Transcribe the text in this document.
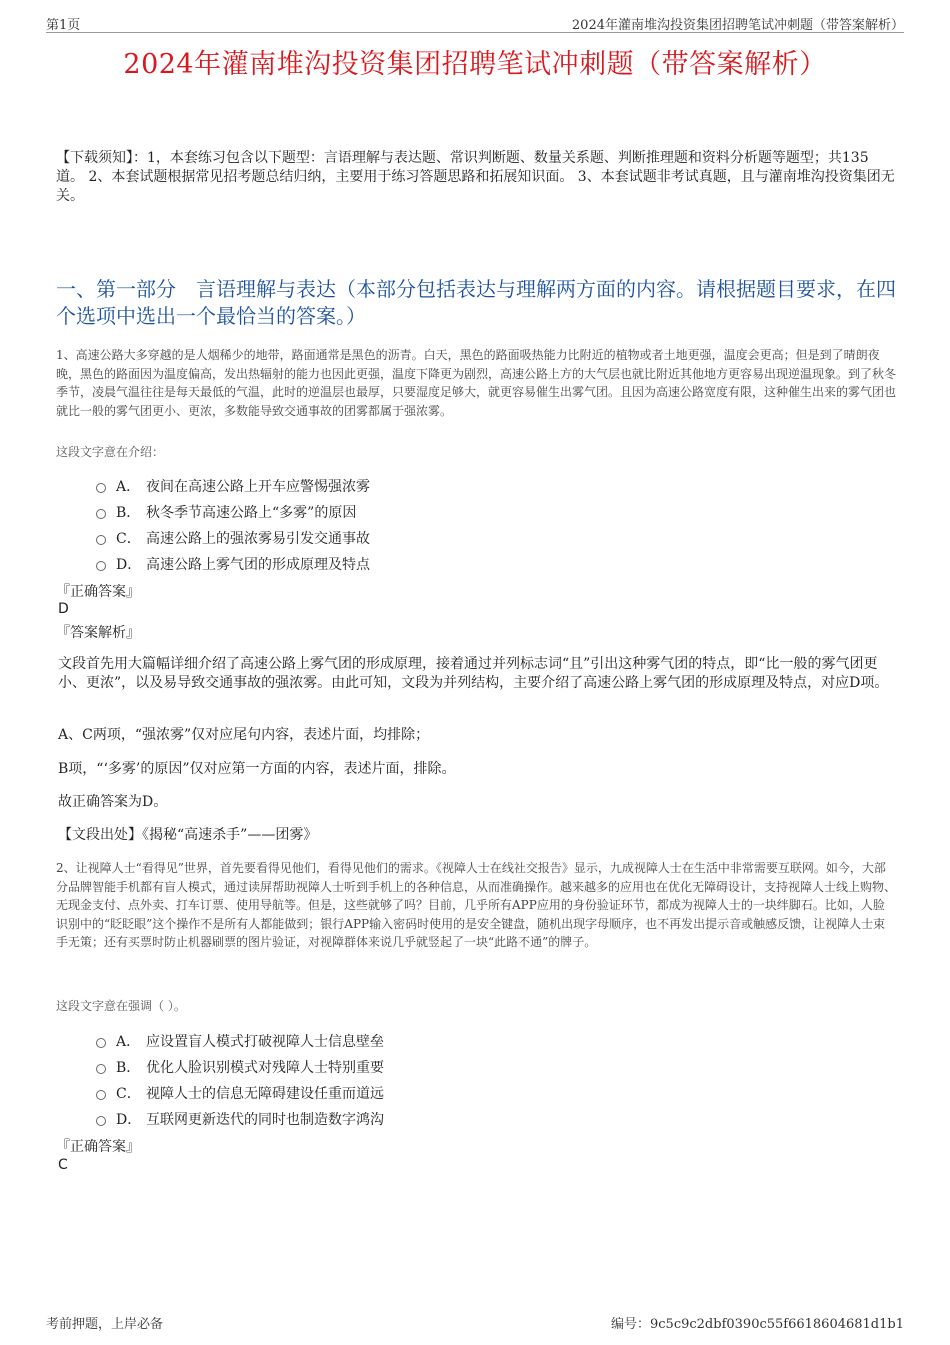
第1页	2024年灌南堆沟投资集团招聘笔试冲刺题（带答案解析）
2024年灌南堆沟投资集团招聘笔试冲刺题（带答案解析）
【下载须知】：1，本套练习包含以下题型：言语理解与表达题、常识判断题、数量关系题、判断推理题和资料分析题等题型；共135道。 2、本套试题根据常见招考题总结归纳，主要用于练习答题思路和拓展知识面。 3、本套试题非考试真题，且与灌南堆沟投资集团无关。
一、第一部分　言语理解与表达（本部分包括表达与理解两方面的内容。请根据题目要求，在四个选项中选出一个最恰当的答案。）
1、高速公路大多穿越的是人烟稀少的地带，路面通常是黑色的沥青。白天，黑色的路面吸热能力比附近的植物或者土地更强，温度会更高；但是到了晴朗夜晚，黑色的路面因为温度偏高，发出热辐射的能力也因此更强，温度下降更为剧烈，高速公路上方的大气层也就比附近其他地方更容易出现逆温现象。到了秋冬季节，凌晨气温往往是每天最低的气温，此时的逆温层也最厚，只要湿度足够大，就更容易催生出雾气团。且因为高速公路宽度有限，这种催生出来的雾气团也就比一般的雾气团更小、更浓，多数能导致交通事故的团雾都属于强浓雾。
这段文字意在介绍：
A． 夜间在高速公路上开车应警惕强浓雾
B． 秋冬季节高速公路上“多雾”的原因
C． 高速公路上的强浓雾易引发交通事故
D． 高速公路上雾气团的形成原理及特点
『正确答案』
D
『答案解析』
文段首先用大篇幅详细介绍了高速公路上雾气团的形成原理，接着通过并列标志词“且”引出这种雾气团的特点，即“比一般的雾气团更小、更浓”，以及易导致交通事故的强浓雾。由此可知，文段为并列结构，主要介绍了高速公路上雾气团的形成原理及特点，对应D项。
A、C两项，“强浓雾”仅对应尾句内容，表述片面，均排除；
B项，“‘多雾’的原因”仅对应第一方面的内容，表述片面，排除。
故正确答案为D。
【文段出处】《揭秘“高速杀手”——团雾》
2、让视障人士“看得见”世界，首先要看得见他们，看得见他们的需求。《视障人士在线社交报告》显示，九成视障人士在生活中非常需要互联网。如今，大部分品牌智能手机都有盲人模式，通过读屏帮助视障人士听到手机上的各种信息，从而准确操作。越来越多的应用也在优化无障碍设计，支持视障人士线上购物、无现金支付、点外卖、打车订票、使用导航等。但是，这些就够了吗？目前，几乎所有APP应用的身份验证环节，都成为视障人士的一块绊脚石。比如，人脸识别中的“眨眨眼”这个操作不是所有人都能做到；银行APP输入密码时使用的是安全键盘，随机出现字母顺序，也不再发出提示音或触感反馈，让视障人士束手无策；还有买票时防止机器刷票的图片验证，对视障群体来说几乎就竖起了一块“此路不通”的牌子。
这段文字意在强调（ ）。
A． 应设置盲人模式打破视障人士信息壁垒
B． 优化人脸识别模式对残障人士特别重要
C． 视障人士的信息无障碍建设任重而道远
D． 互联网更新迭代的同时也制造数字鸿沟
『正确答案』
C
考前押题，上岸必备	编号：9c5c9c2dbf0390c55f6618604681d1b1
